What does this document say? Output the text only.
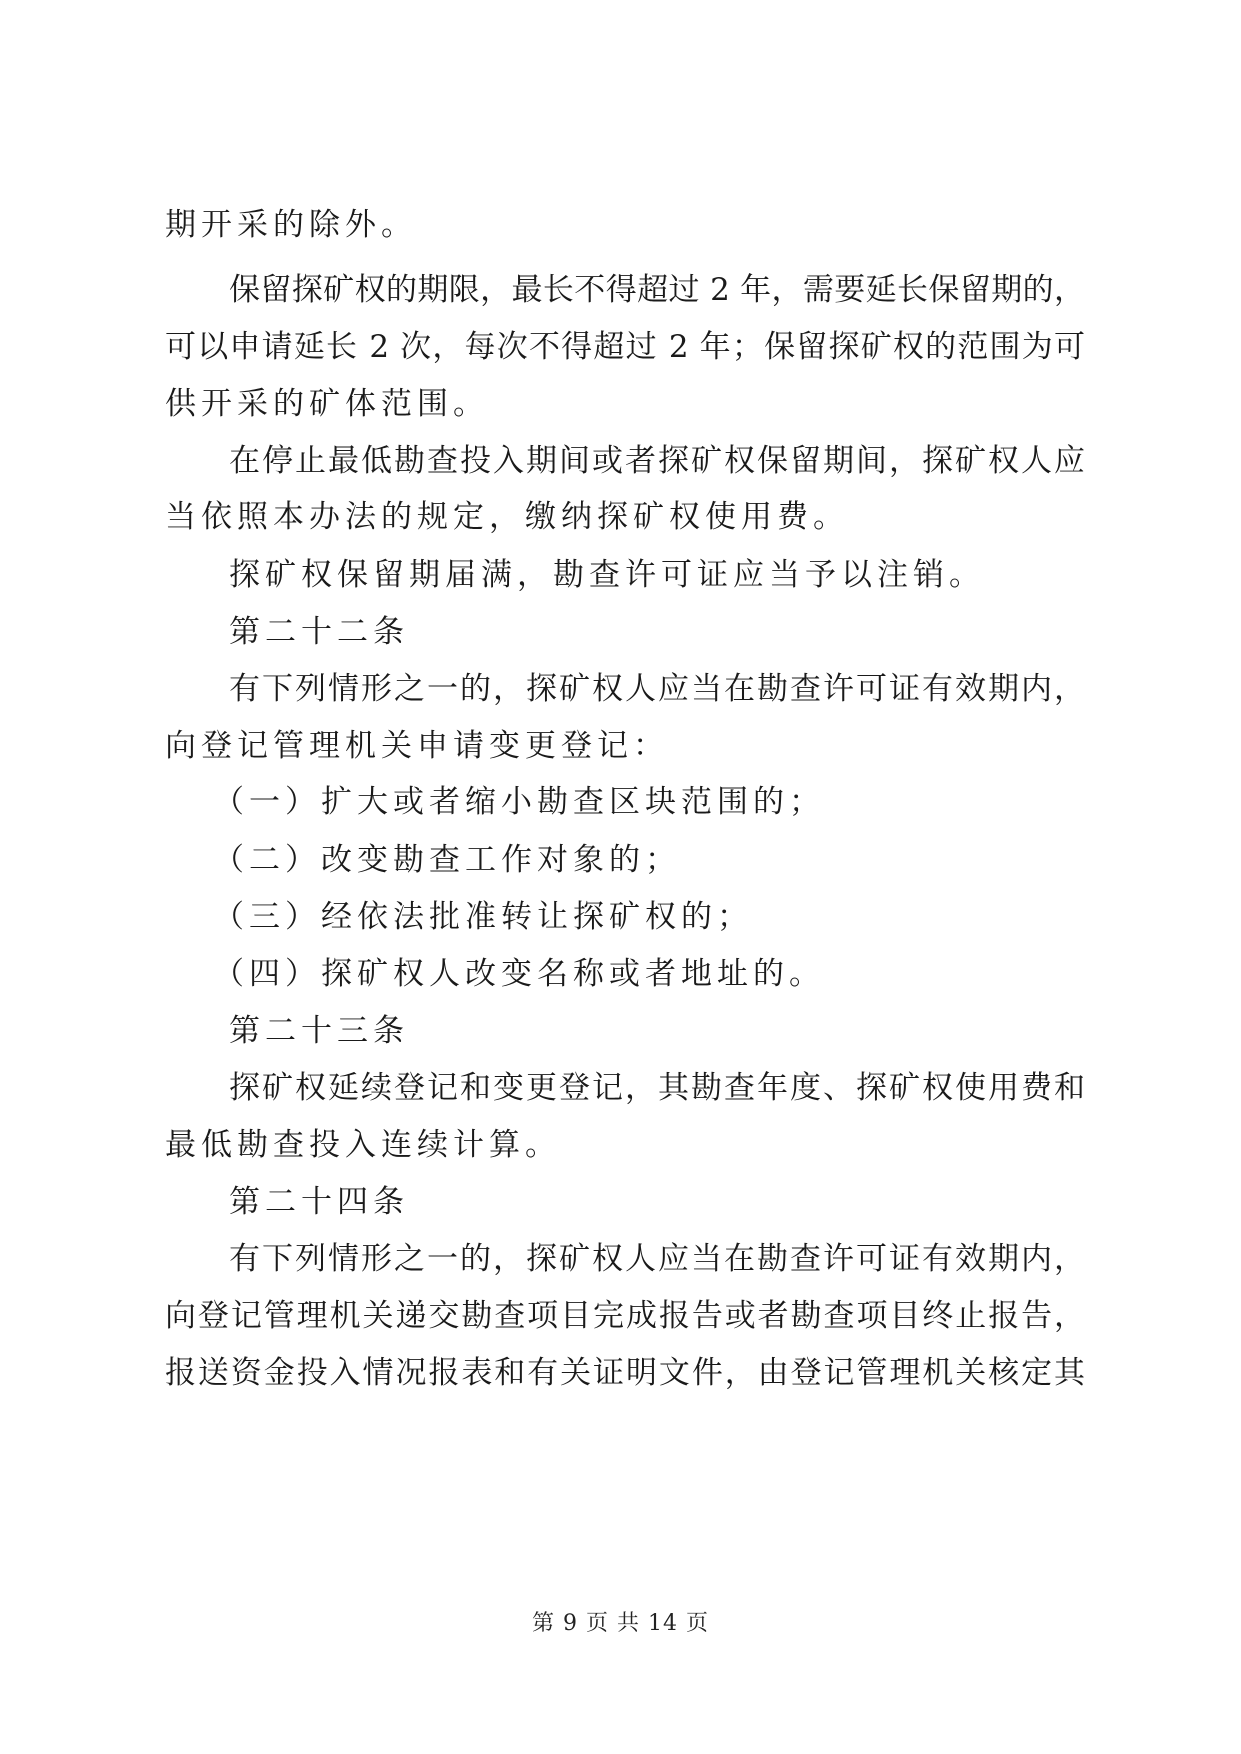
期开采的除外。
保留探矿权的期限，最长不得超过 2 年，需要延长保留期的，
可以申请延长 2 次，每次不得超过 2 年；保留探矿权的范围为可
供开采的矿体范围。
在停止最低勘查投入期间或者探矿权保留期间，探矿权人应
当依照本办法的规定，缴纳探矿权使用费。
探矿权保留期届满，勘查许可证应当予以注销。
第二十二条
有下列情形之一的，探矿权人应当在勘查许可证有效期内，
向登记管理机关申请变更登记：
（一）扩大或者缩小勘查区块范围的；
（二）改变勘查工作对象的；
（三）经依法批准转让探矿权的；
（四）探矿权人改变名称或者地址的。
第二十三条
探矿权延续登记和变更登记，其勘查年度、探矿权使用费和
最低勘查投入连续计算。
第二十四条
有下列情形之一的，探矿权人应当在勘查许可证有效期内，
向登记管理机关递交勘查项目完成报告或者勘查项目终止报告，
报送资金投入情况报表和有关证明文件，由登记管理机关核定其
第 9 页 共 14 页
